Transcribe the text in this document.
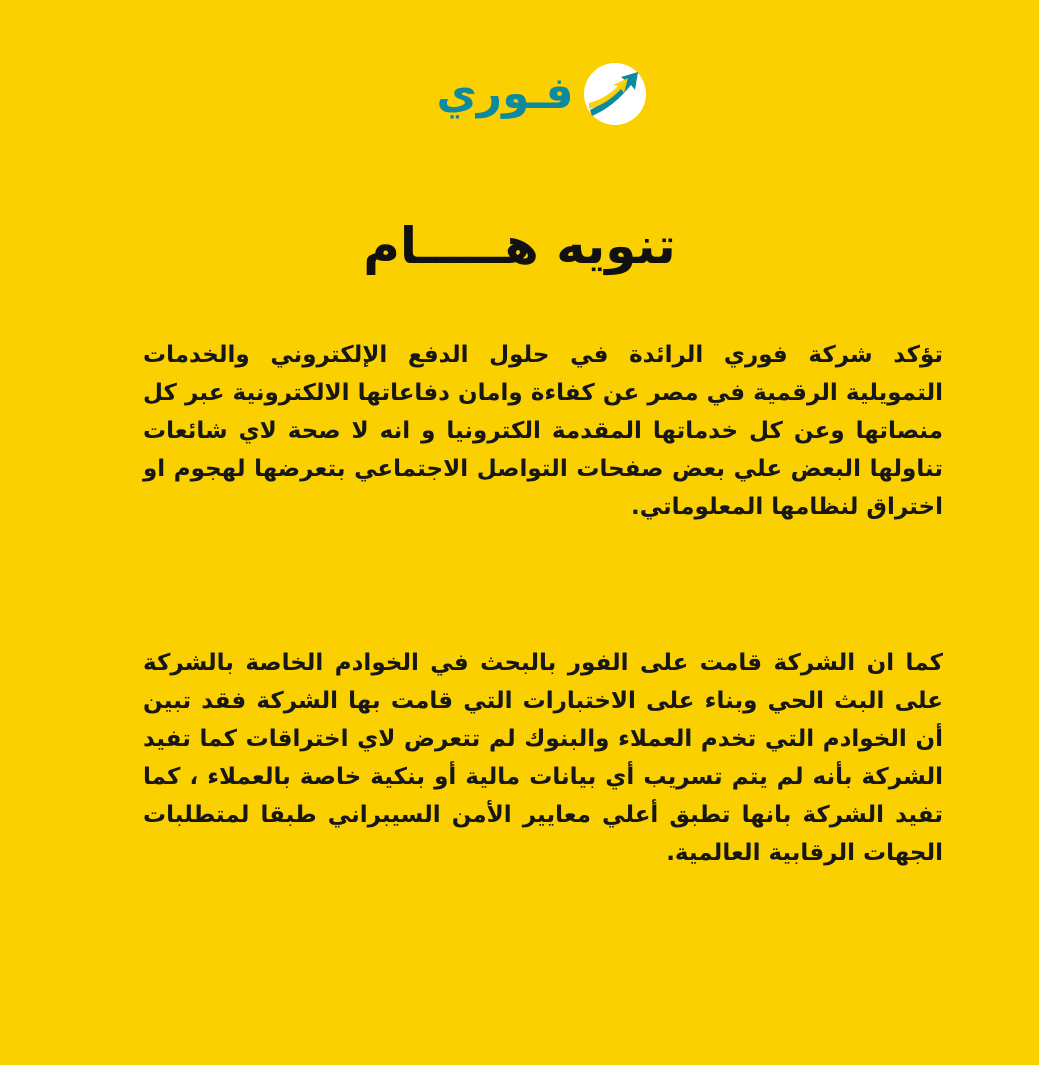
فـوري
تنويه هـــــام

تؤكد شركة فوري الرائدة في حلول الدفع الإلكتروني والخدمات التمويلية الرقمية في مصر عن كفاءة وامان دفاعاتها الالكترونية عبر كل منصاتها وعن كل خدماتها المقدمة الكترونيا و انه لا صحة لاي شائعات تناولها البعض علي بعض صفحات التواصل الاجتماعي بتعرضها لهجوم او اختراق لنظامها المعلوماتي.

كما ان الشركة قامت على الفور بالبحث في الخوادم الخاصة بالشركة على البث الحي وبناء على الاختبارات التي قامت بها الشركة فقد تبين أن الخوادم التي تخدم العملاء والبنوك لم تتعرض لاي اختراقات كما تفيد الشركة بأنه لم يتم تسريب أي بيانات مالية أو بنكية خاصة بالعملاء ، كما تفيد الشركة بانها تطبق أعلي معايير الأمن السيبراني طبقا لمتطلبات الجهات الرقابية العالمية.
